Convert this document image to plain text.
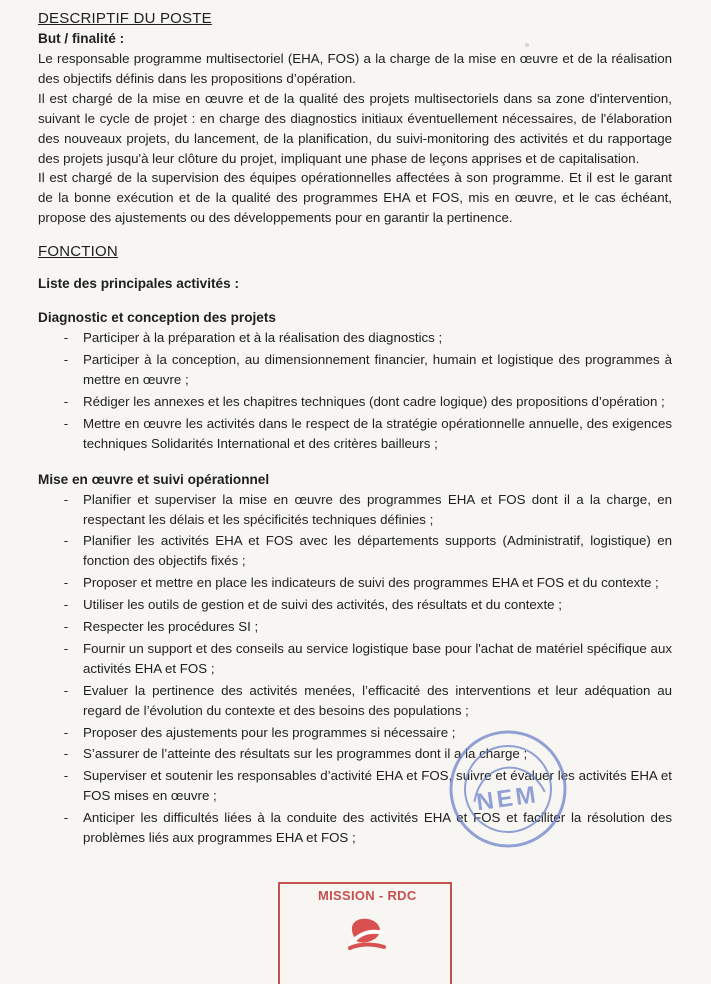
DESCRIPTIF DU POSTE
But / finalité :

Le responsable programme multisectoriel (EHA, FOS) a la charge de la mise en œuvre et de la réalisation des objectifs définis dans les propositions d’opération.

Il est chargé de la mise en œuvre et de la qualité des projets multisectoriels dans sa zone d'intervention, suivant le cycle de projet : en charge des diagnostics initiaux éventuellement nécessaires, de l'élaboration des nouveaux projets, du lancement, de la planification, du suivi-monitoring des activités et du rapportage des projets jusqu'à leur clôture du projet, impliquant une phase de leçons apprises et de capitalisation.

Il est chargé de la supervision des équipes opérationnelles affectées à son programme. Et il est le garant de la bonne exécution et de la qualité des programmes EHA et FOS, mis en œuvre, et le cas échéant, propose des ajustements ou des développements pour en garantir la pertinence.

FONCTION
Liste des principales activités :
Diagnostic et conception des projets
- Participer à la préparation et à la réalisation des diagnostics ;
- Participer à la conception, au dimensionnement financier, humain et logistique des programmes à mettre en œuvre ;
- Rédiger les annexes et les chapitres techniques (dont cadre logique) des propositions d’opération ;
- Mettre en œuvre les activités dans le respect de la stratégie opérationnelle annuelle, des exigences techniques Solidarités International et des critères bailleurs ;
Mise en œuvre et suivi opérationnel
- Planifier et superviser la mise en œuvre des programmes EHA et FOS dont il a la charge, en respectant les délais et les spécificités techniques définies ;
- Planifier les activités EHA et FOS avec les départements supports (Administratif, logistique) en fonction des objectifs fixés ;
- Proposer et mettre en place les indicateurs de suivi des programmes EHA et FOS et du contexte ;
- Utiliser les outils de gestion et de suivi des activités, des résultats et du contexte ;
- Respecter les procédures SI ;
- Fournir un support et des conseils au service logistique base pour l'achat de matériel spécifique aux activités EHA et FOS ;
- Evaluer la pertinence des activités menées, l’efficacité des interventions et leur adéquation au regard de l’évolution du contexte et des besoins des populations ;
- Proposer des ajustements pour les programmes si nécessaire ;
- S’assurer de l’atteinte des résultats sur les programmes dont il a la charge ;
- Superviser et soutenir les responsables d’activité EHA et FOS, suivre et évaluer les activités EHA et FOS mises en œuvre ;
- Anticiper les difficultés liées à la conduite des activités EHA et FOS et faciliter la résolution des problèmes liés aux programmes EHA et FOS ;
NEM
MISSION - RDC
